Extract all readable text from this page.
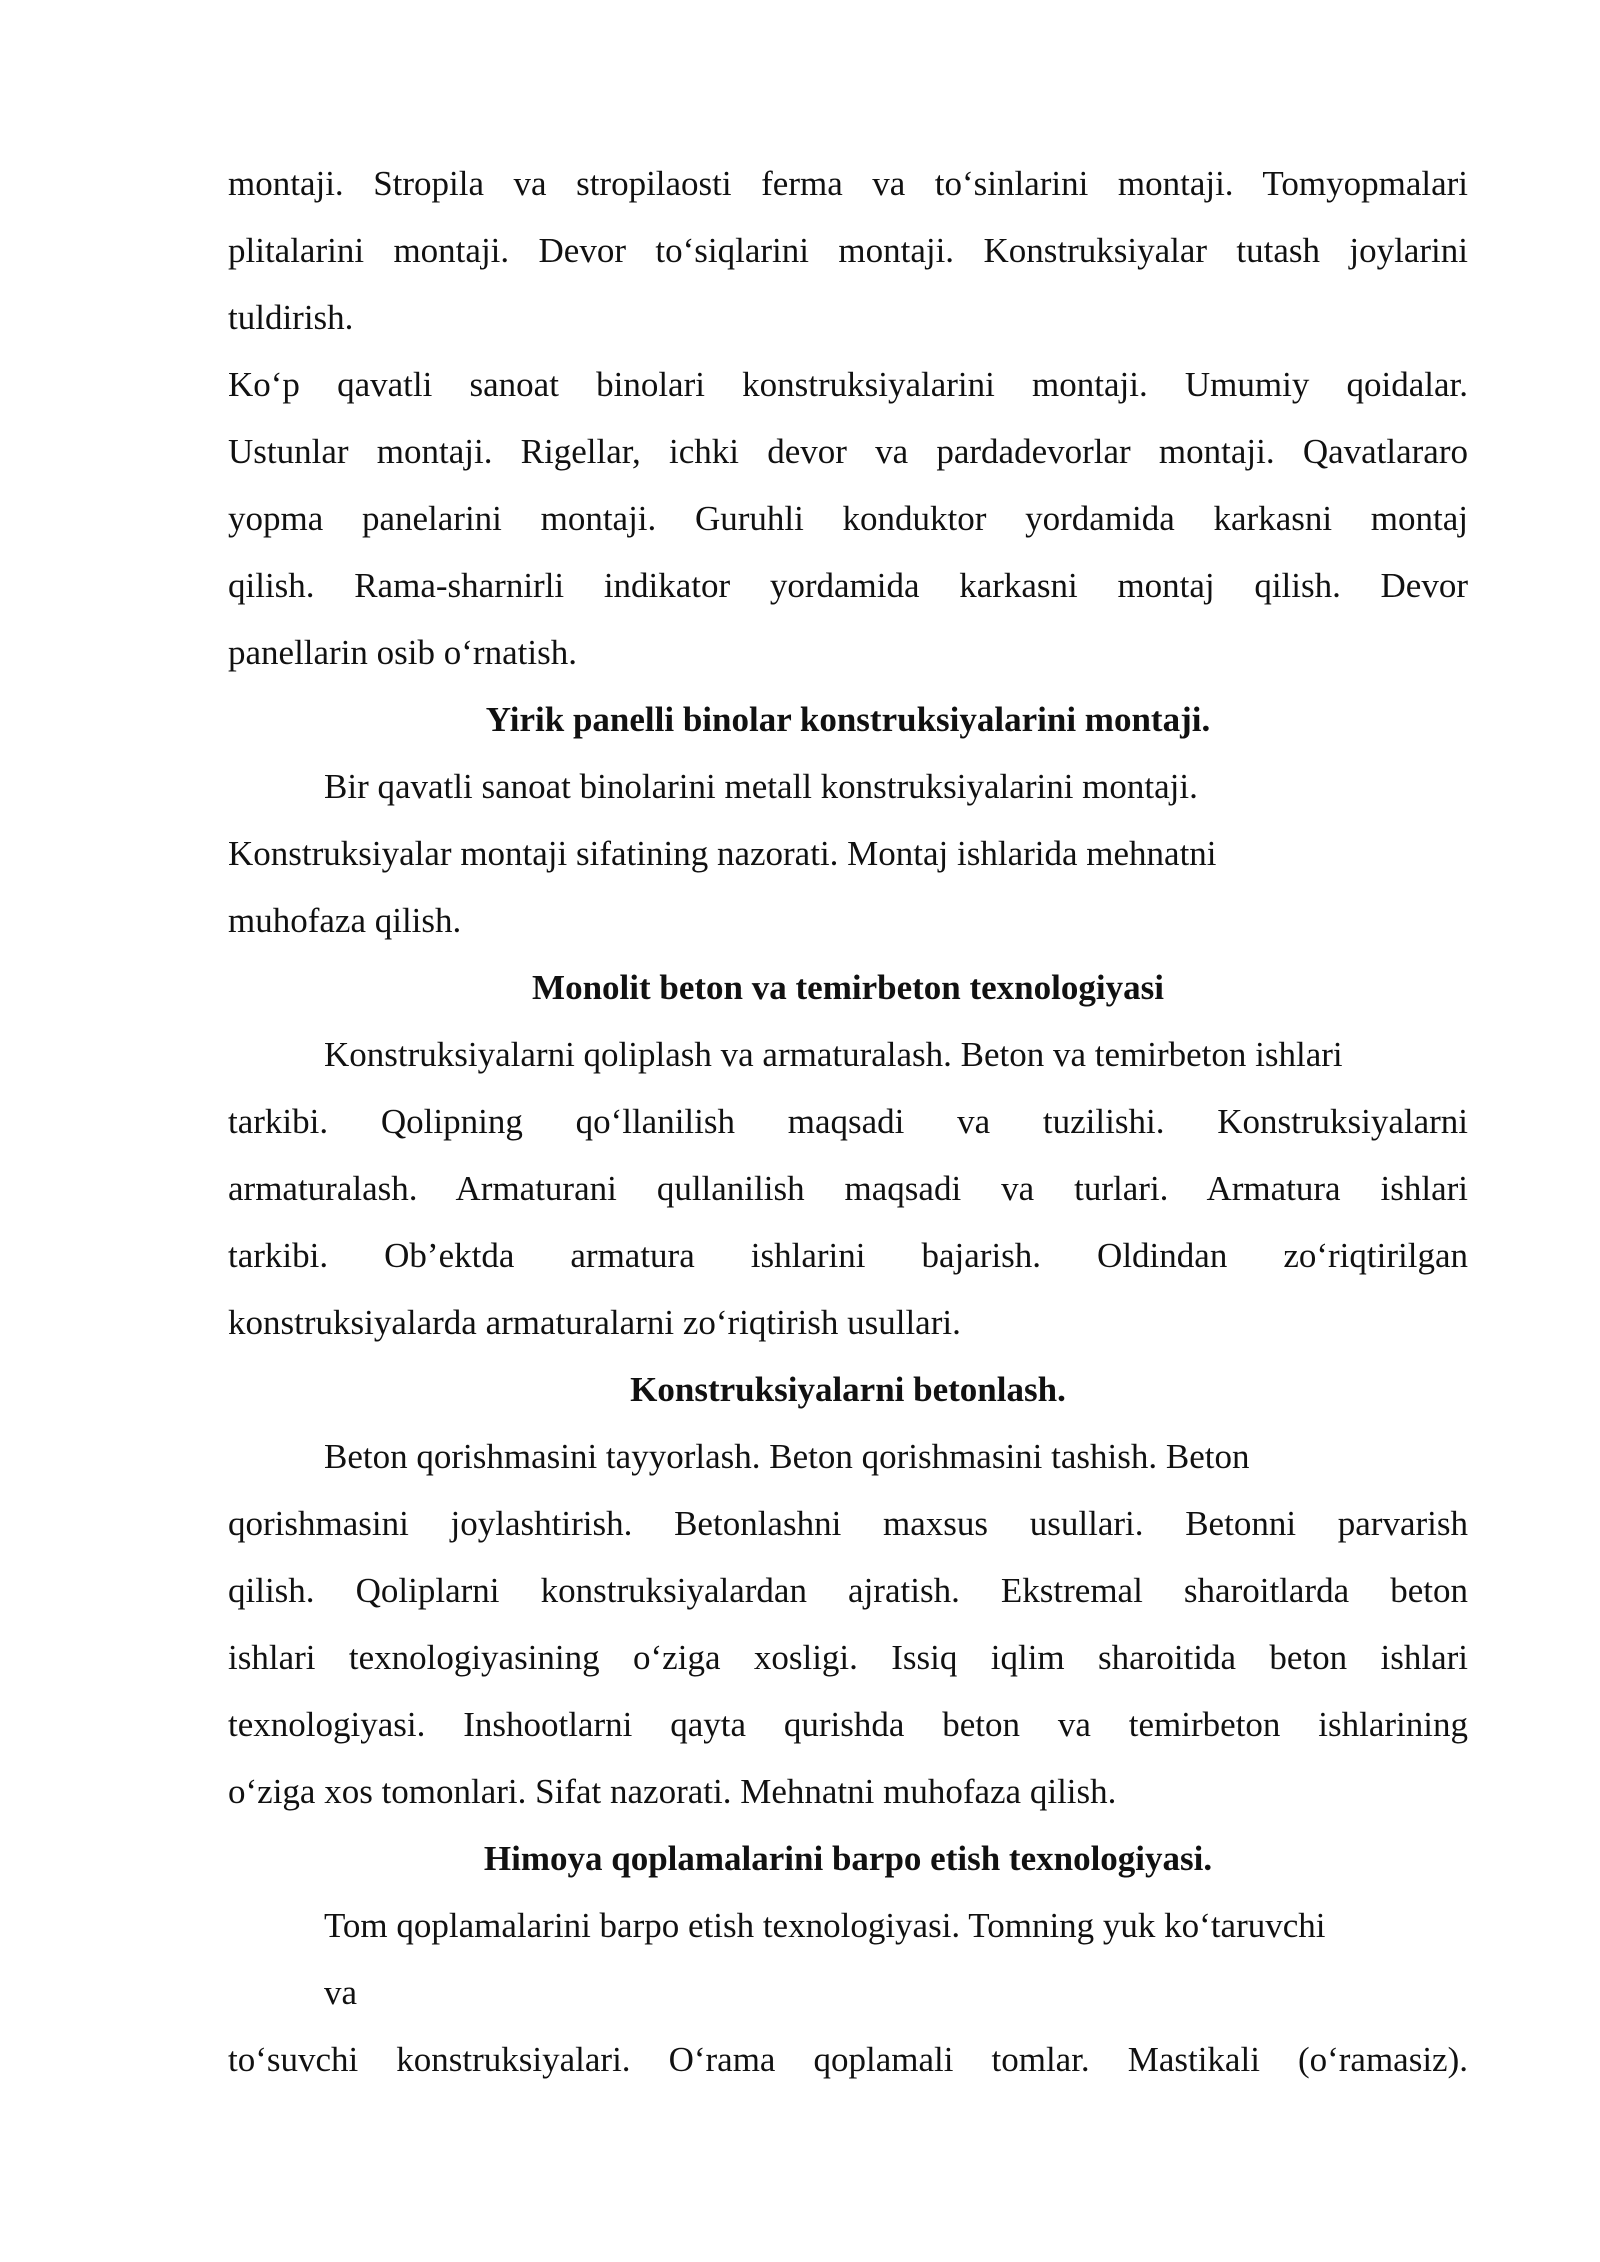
montaji. Stropila va stropilaosti ferma va to‘sinlarini montaji. Tomyopmalari
plitalarini montaji. Devor to‘siqlarini montaji. Konstruksiyalar tutash joylarini
tuldirish.
Ko‘p qavatli sanoat binolari konstruksiyalarini montaji. Umumiy qoidalar.
Ustunlar montaji. Rigellar, ichki devor va pardadevorlar montaji. Qavatlararo
yopma panelarini montaji. Guruhli konduktor yordamida karkasni montaj
qilish. Rama-sharnirli indikator yordamida karkasni montaj qilish. Devor
panellarin osib o‘rnatish.
Yirik panelli binolar konstruksiyalarini montaji.
Bir qavatli sanoat binolarini metall konstruksiyalarini montaji.
Konstruksiyalar montaji sifatining nazorati. Montaj ishlarida mehnatni
muhofaza qilish.
Monolit beton va temirbeton texnologiyasi
Konstruksiyalarni qoliplash va armaturalash. Beton va temirbeton ishlari
tarkibi. Qolipning qo‘llanilish maqsadi va tuzilishi. Konstruksiyalarni
armaturalash. Armaturani qullanilish maqsadi va turlari. Armatura ishlari
tarkibi. Ob’ektda armatura ishlarini bajarish. Oldindan zo‘riqtirilgan
konstruksiyalarda armaturalarni zo‘riqtirish usullari.
Konstruksiyalarni betonlash.
Beton qorishmasini tayyorlash. Beton qorishmasini tashish. Beton
qorishmasini joylashtirish. Betonlashni maxsus usullari. Betonni parvarish
qilish. Qoliplarni konstruksiyalardan ajratish. Ekstremal sharoitlarda beton
ishlari texnologiyasining o‘ziga xosligi. Issiq iqlim sharoitida beton ishlari
texnologiyasi. Inshootlarni qayta qurishda beton va temirbeton ishlarining
o‘ziga xos tomonlari. Sifat nazorati. Mehnatni muhofaza qilish.
Himoya qoplamalarini barpo etish texnologiyasi.
Tom qoplamalarini barpo etish texnologiyasi. Tomning yuk ko‘taruvchi
va
to‘suvchi konstruksiyalari. O‘rama qoplamali tomlar. Mastikali (o‘ramasiz).
